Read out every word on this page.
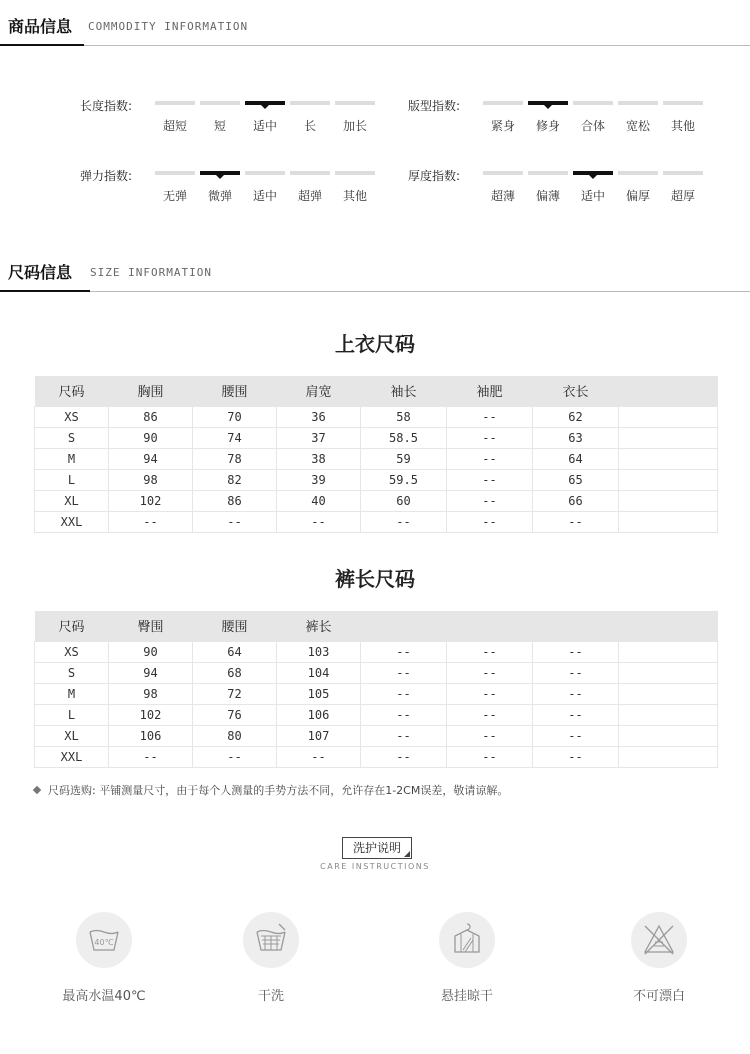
商品信息 COMMODITY INFORMATION
长度指数:
超短	短	适中	长	加长
版型指数:
紧身	修身	合体	宽松	其他
弹力指数:
无弹	微弹	适中	超弹	其他
厚度指数:
超薄	偏薄	适中	偏厚	超厚
尺码信息 SIZE INFORMATION
上衣尺码
尺码	胸围	腰围	肩宽	袖长	袖肥	衣长	
XS	86	70	36	58	--	62	
S	90	74	37	58.5	--	63	
M	94	78	38	59	--	64	
L	98	82	39	59.5	--	65	
XL	102	86	40	60	--	66	
XXL	--	--	--	--	--	--	
裤长尺码
尺码	臀围	腰围	裤长				
XS	90	64	103	--	--	--	
S	94	68	104	--	--	--	
M	98	72	105	--	--	--	
L	102	76	106	--	--	--	
XL	106	80	107	--	--	--	
XXL	--	--	--	--	--	--	
尺码选购: 平铺测量尺寸，由于每个人测量的手势方法不同，允许存在1-2CM误差，敬请谅解。
洗护说明
CARE INSTRUCTIONS
40℃
最高水温40℃	干洗	悬挂晾干	不可漂白
